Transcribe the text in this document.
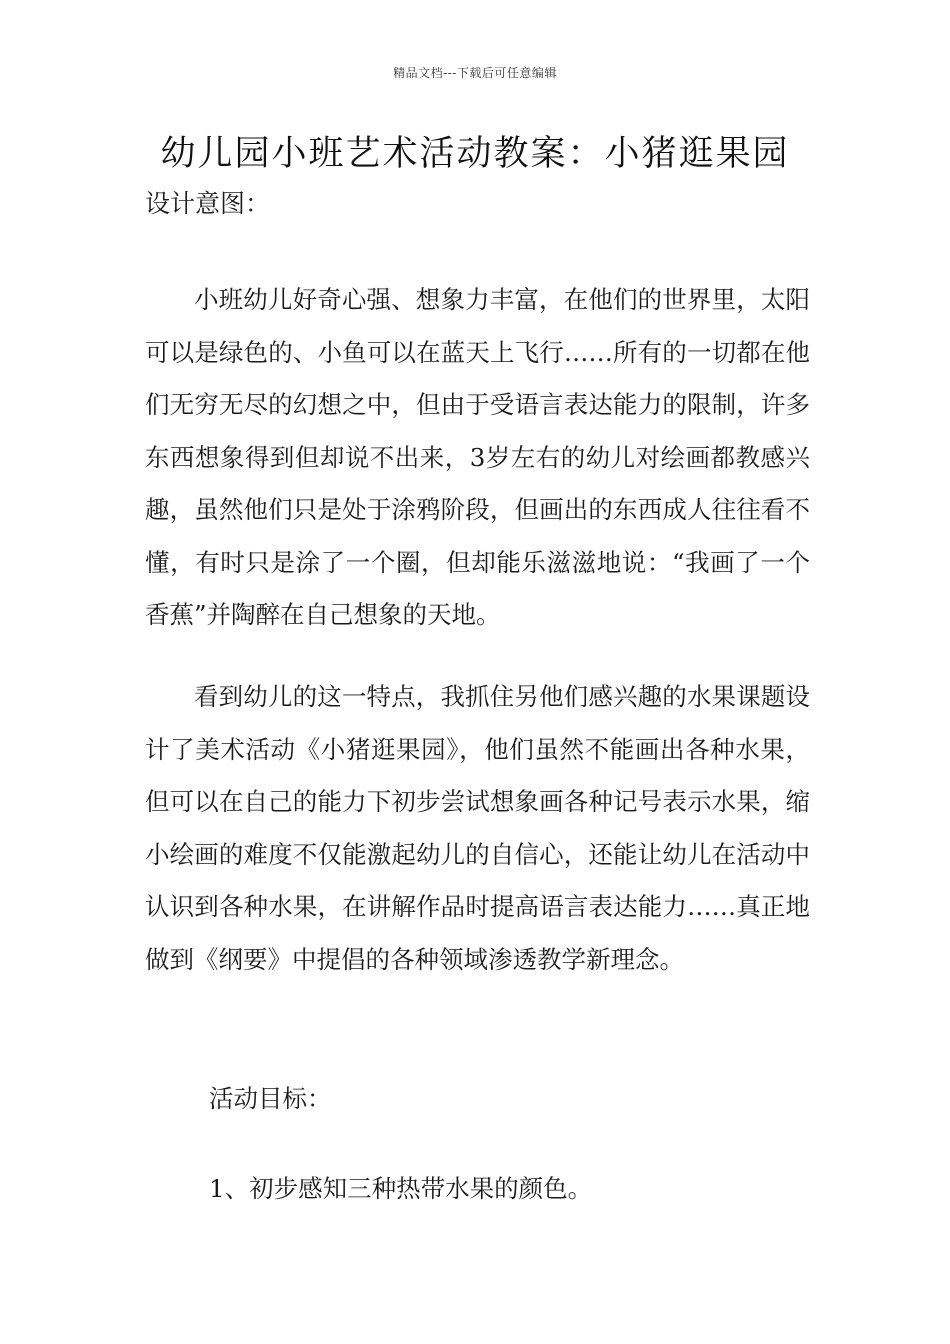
精品文档---下载后可任意编辑
幼儿园小班艺术活动教案：小猪逛果园
设计意图：

小班幼儿好奇心强、想象力丰富，在他们的世界里，太阳可以是绿色的、小鱼可以在蓝天上飞行……所有的一切都在他们无穷无尽的幻想之中，但由于受语言表达能力的限制，许多东西想象得到但却说不出来，3岁左右的幼儿对绘画都教感兴趣，虽然他们只是处于涂鸦阶段，但画出的东西成人往往看不懂，有时只是涂了一个圈，但却能乐滋滋地说：“我画了一个香蕉”并陶醉在自己想象的天地。

看到幼儿的这一特点，我抓住另他们感兴趣的水果课题设计了美术活动《小猪逛果园》，他们虽然不能画出各种水果，但可以在自己的能力下初步尝试想象画各种记号表示水果，缩小绘画的难度不仅能激起幼儿的自信心，还能让幼儿在活动中认识到各种水果，在讲解作品时提高语言表达能力……真正地做到《纲要》中提倡的各种领域渗透教学新理念。

活动目标：
1、初步感知三种热带水果的颜色。
